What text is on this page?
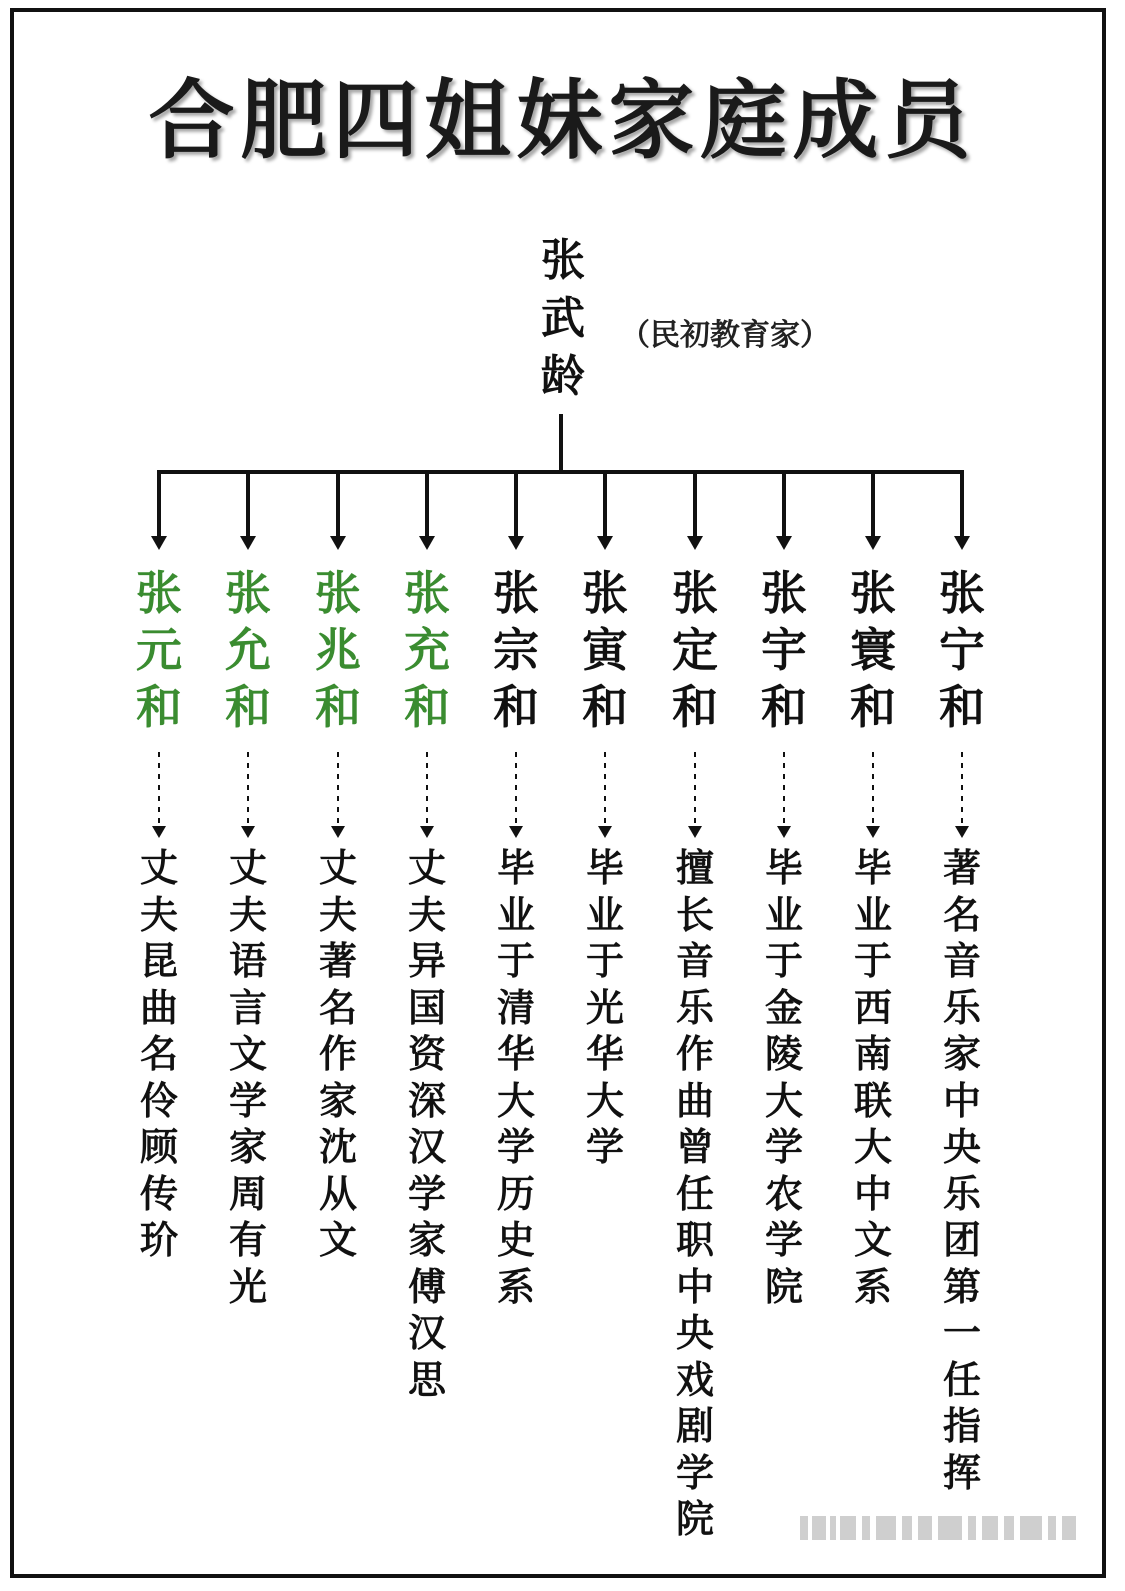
合肥四姐妹家庭成员
张
武
龄
（民初教育家）
张
元
和
丈
夫
昆
曲
名
伶
顾
传
玠
张
允
和
丈
夫
语
言
文
学
家
周
有
光
张
兆
和
丈
夫
著
名
作
家
沈
从
文
张
充
和
丈
夫
异
国
资
深
汉
学
家
傅
汉
思
张
宗
和
毕
业
于
清
华
大
学
历
史
系
张
寅
和
毕
业
于
光
华
大
学
张
定
和
擅
长
音
乐
作
曲
曾
任
职
中
央
戏
剧
学
院
张
宇
和
毕
业
于
金
陵
大
学
农
学
院
张
寰
和
毕
业
于
西
南
联
大
中
文
系
张
宁
和
著
名
音
乐
家
中
央
乐
团
第
一
任
指
挥
